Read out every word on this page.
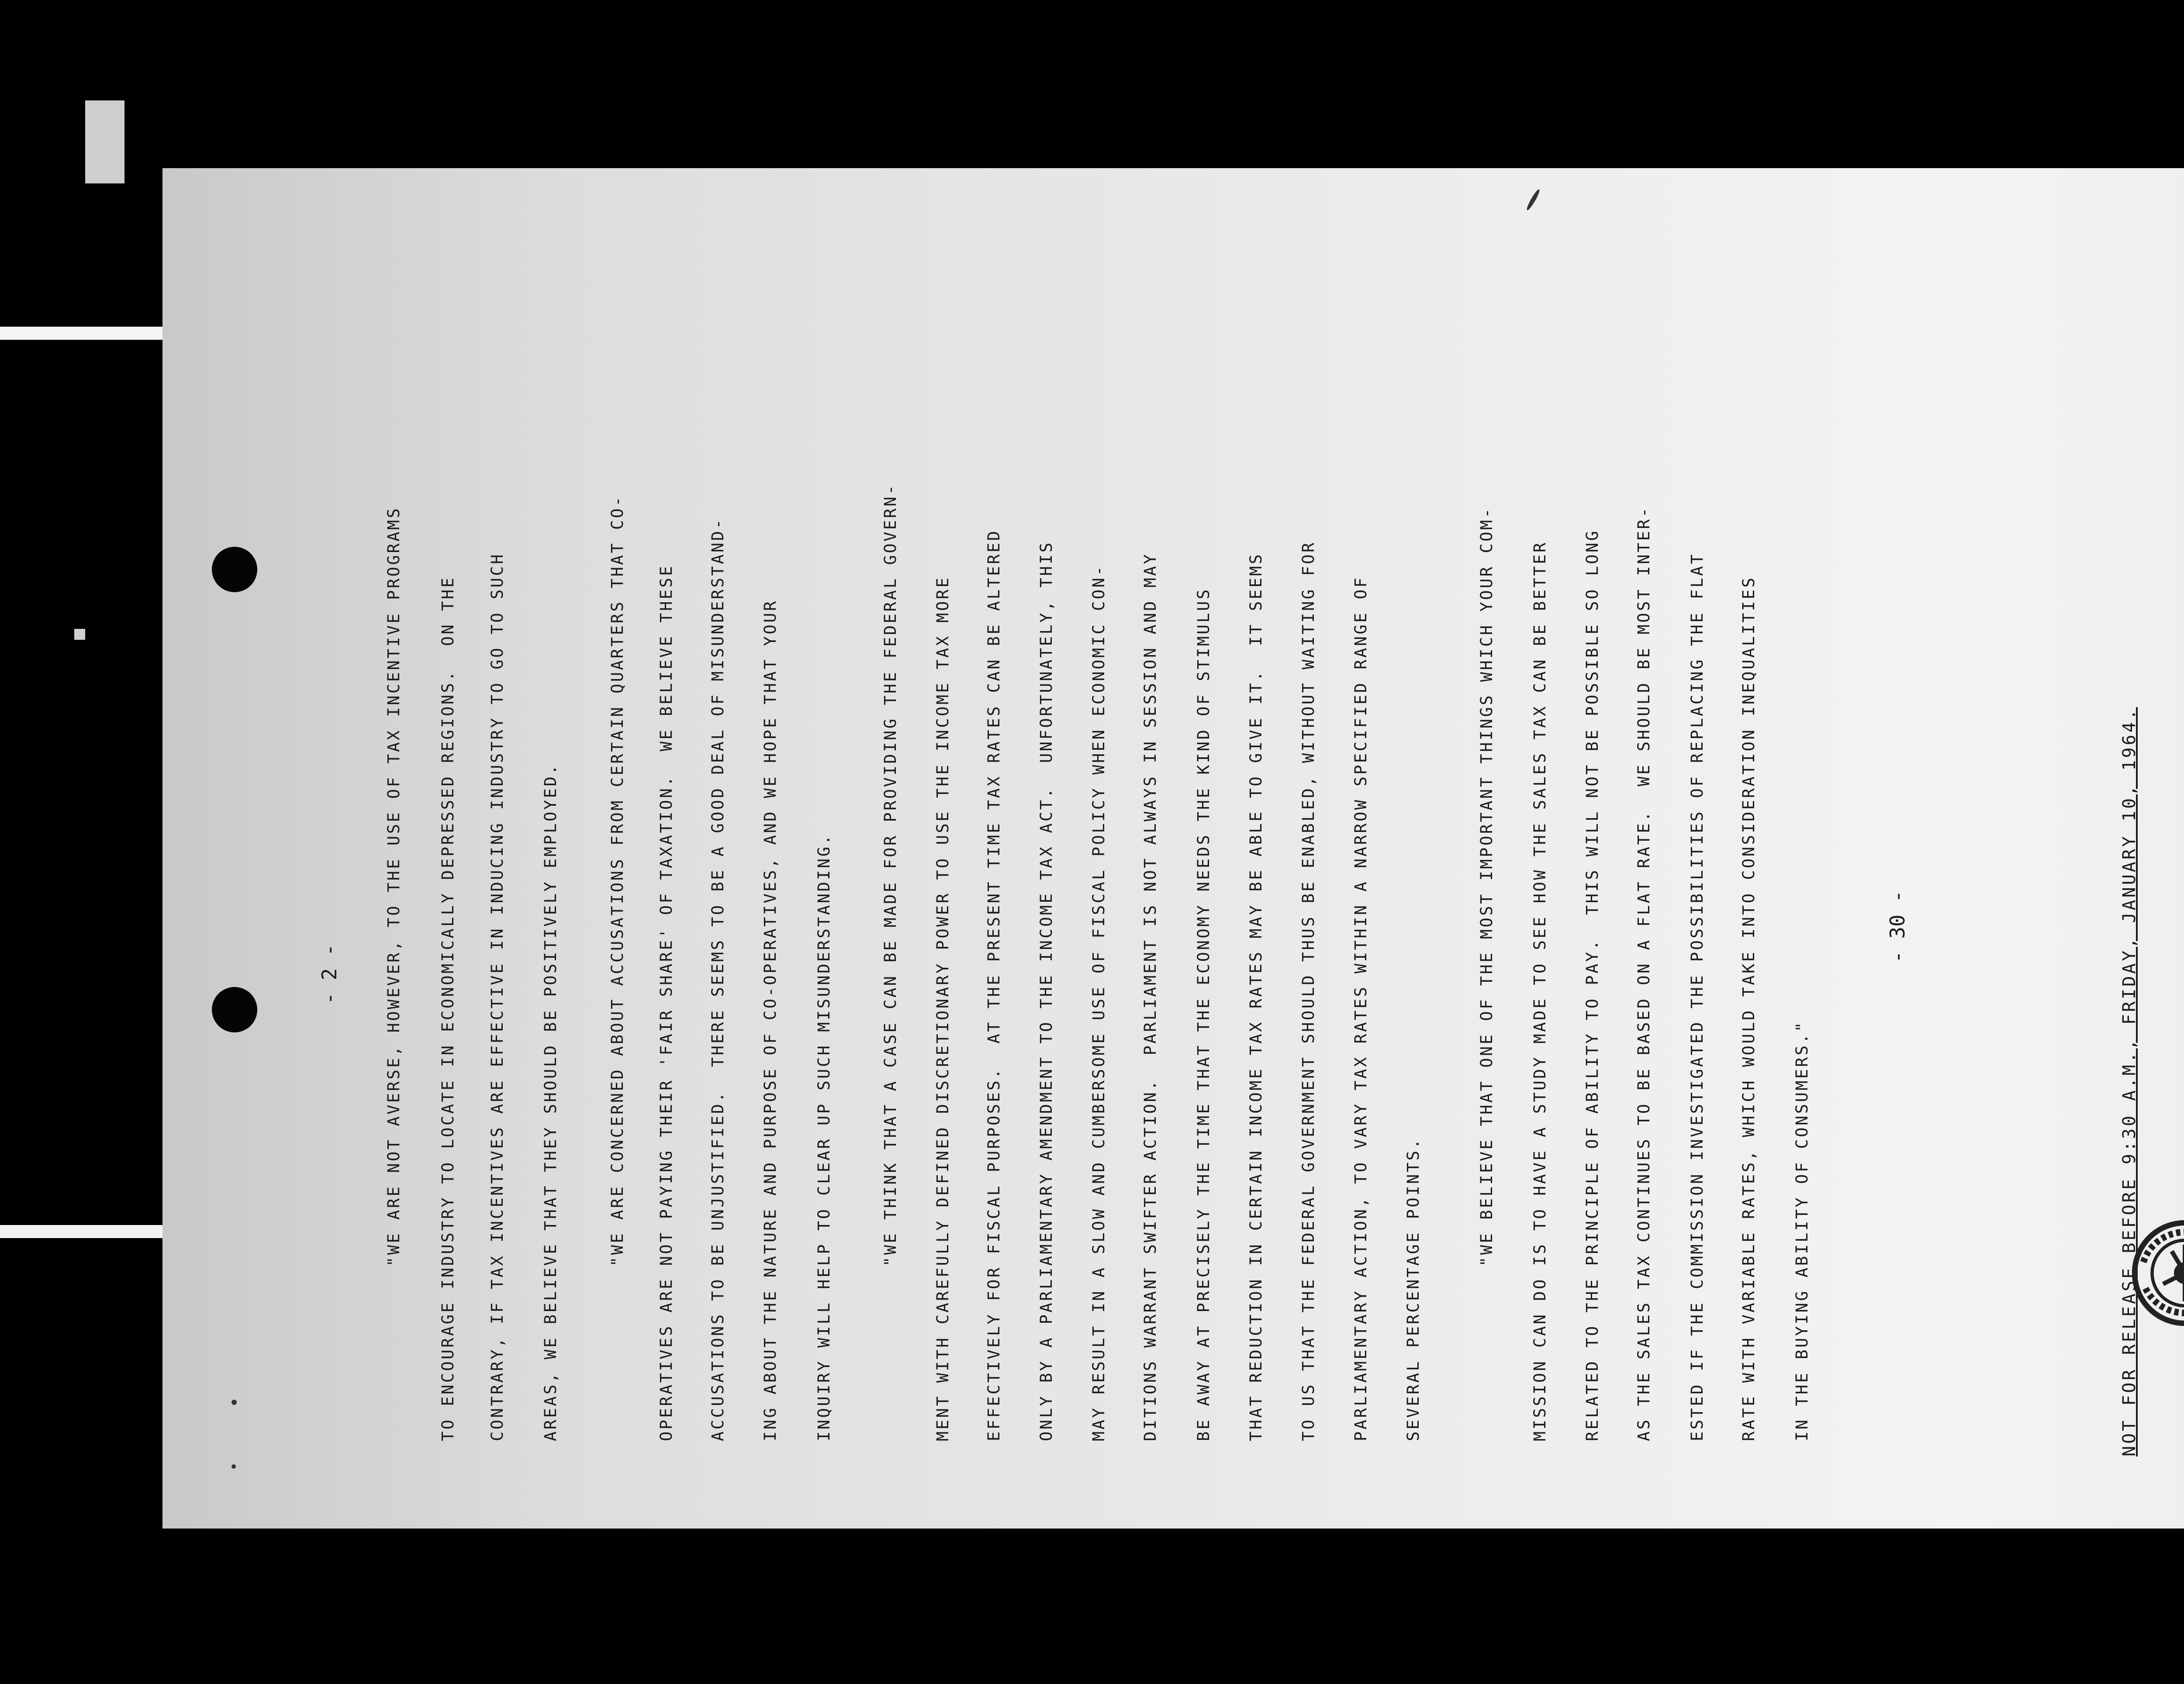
- 2 -	"WE ARE NOT AVERSE, HOWEVER, TO THE USE OF TAX INCENTIVE PROGRAMS TO ENCOURAGE INDUSTRY TO LOCATE IN ECONOMICALLY DEPRESSED REGIONS.  ON THE CONTRARY, IF TAX INCENTIVES ARE EFFECTIVE IN INDUCING INDUSTRY TO GO TO SUCH AREAS, WE BELIEVE THAT THEY SHOULD BE POSITIVELY EMPLOYED.	"WE ARE CONCERNED ABOUT ACCUSATIONS FROM CERTAIN QUARTERS THAT CO- OPERATIVES ARE NOT PAYING THEIR 'FAIR SHARE' OF TAXATION.  WE BELIEVE THESE ACCUSATIONS TO BE UNJUSTIFIED.  THERE SEEMS TO BE A GOOD DEAL OF MISUNDERSTAND- ING ABOUT THE NATURE AND PURPOSE OF CO-OPERATIVES, AND WE HOPE THAT YOUR INQUIRY WILL HELP TO CLEAR UP SUCH MISUNDERSTANDING.	"WE THINK THAT A CASE CAN BE MADE FOR PROVIDING THE FEDERAL GOVERN- MENT WITH CAREFULLY DEFINED DISCRETIONARY POWER TO USE THE INCOME TAX MORE EFFECTIVELY FOR FISCAL PURPOSES.  AT THE PRESENT TIME TAX RATES CAN BE ALTERED ONLY BY A PARLIAMENTARY AMENDMENT TO THE INCOME TAX ACT.  UNFORTUNATELY, THIS MAY RESULT IN A SLOW AND CUMBERSOME USE OF FISCAL POLICY WHEN ECONOMIC CON- DITIONS WARRANT SWIFTER ACTION.  PARLIAMENT IS NOT ALWAYS IN SESSION AND MAY BE AWAY AT PRECISELY THE TIME THAT THE ECONOMY NEEDS THE KIND OF STIMULUS THAT REDUCTION IN CERTAIN INCOME TAX RATES MAY BE ABLE TO GIVE IT.  IT SEEMS TO US THAT THE FEDERAL GOVERNMENT SHOULD THUS BE ENABLED, WITHOUT WAITING FOR PARLIAMENTARY ACTION, TO VARY TAX RATES WITHIN A NARROW SPECIFIED RANGE OF SEVERAL PERCENTAGE POINTS.
"WE BELIEVE THAT ONE OF THE MOST IMPORTANT THINGS WHICH YOUR COM- MISSION CAN DO IS TO HAVE A STUDY MADE TO SEE HOW THE SALES TAX CAN BE BETTER RELATED TO THE PRINCIPLE OF ABILITY TO PAY.  THIS WILL NOT BE POSSIBLE SO LONG AS THE SALES TAX CONTINUES TO BE BASED ON A FLAT RATE.  WE SHOULD BE MOST INTER- ESTED IF THE COMMISSION INVESTIGATED THE POSSIBILITIES OF REPLACING THE FLAT RATE WITH VARIABLE RATES, WHICH WOULD TAKE INTO CONSIDERATION INEQUALITIES IN THE BUYING ABILITY OF CONSUMERS."
- 30 -	NOT FOR RELEASE BEFORE 9:30 A.M., FRIDAY, JANUARY 10, 1964.
